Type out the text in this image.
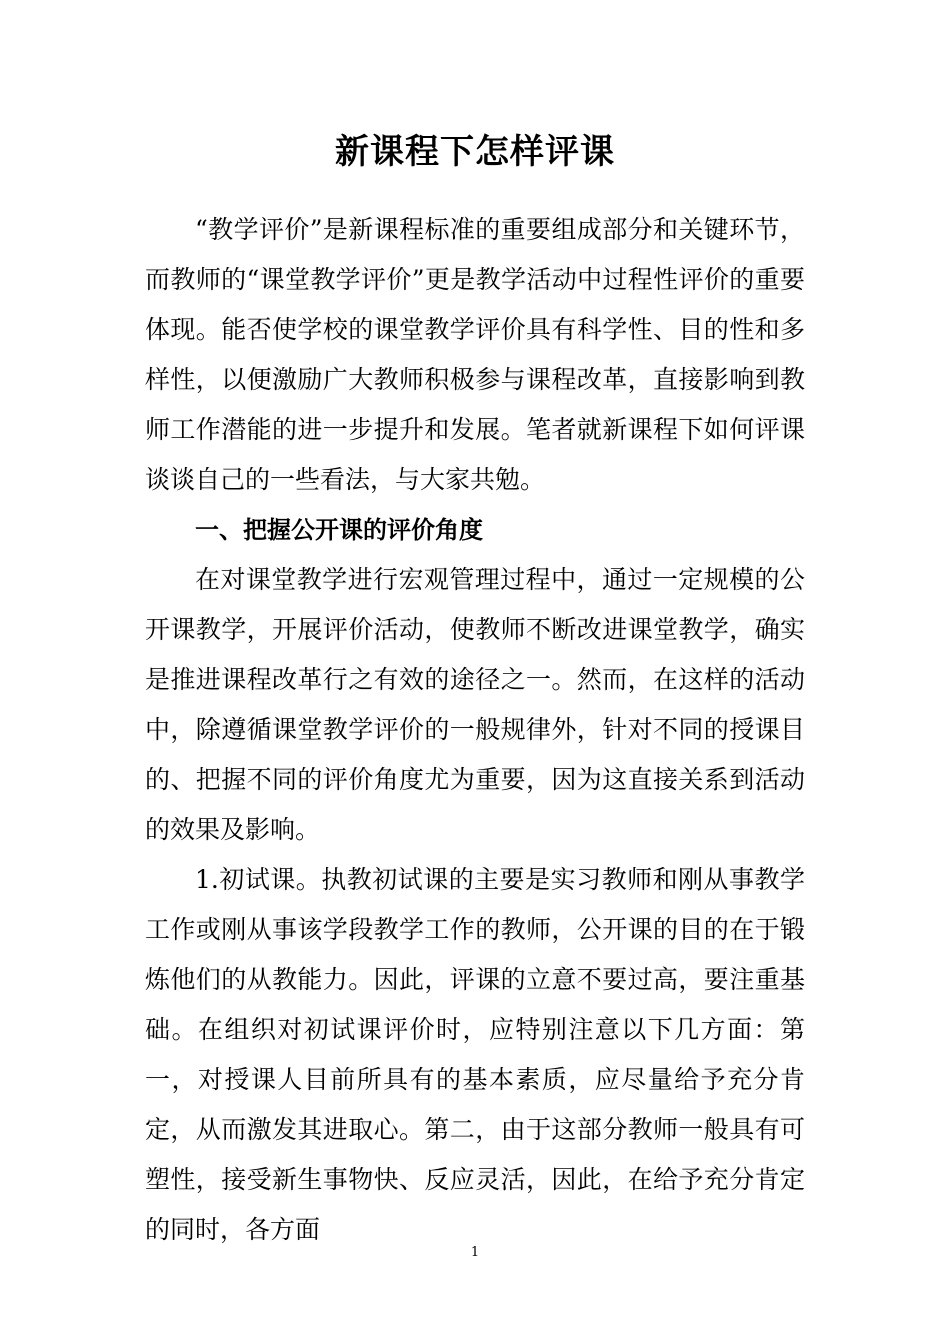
新课程下怎样评课

“教学评价”是新课程标准的重要组成部分和关键环节，而教师的“课堂教学评价”更是教学活动中过程性评价的重要体现。能否使学校的课堂教学评价具有科学性、目的性和多样性，以便激励广大教师积极参与课程改革，直接影响到教师工作潜能的进一步提升和发展。笔者就新课程下如何评课谈谈自己的一些看法，与大家共勉。

一、把握公开课的评价角度

在对课堂教学进行宏观管理过程中，通过一定规模的公开课教学，开展评价活动，使教师不断改进课堂教学，确实是推进课程改革行之有效的途径之一。然而，在这样的活动中，除遵循课堂教学评价的一般规律外，针对不同的授课目的、把握不同的评价角度尤为重要，因为这直接关系到活动的效果及影响。

1.初试课。执教初试课的主要是实习教师和刚从事教学工作或刚从事该学段教学工作的教师，公开课的目的在于锻炼他们的从教能力。因此，评课的立意不要过高，要注重基础。在组织对初试课评价时，应特别注意以下几方面：第一，对授课人目前所具有的基本素质，应尽量给予充分肯定，从而激发其进取心。第二，由于这部分教师一般具有可塑性，接受新生事物快、反应灵活，因此，在给予充分肯定的同时，各方面

1
